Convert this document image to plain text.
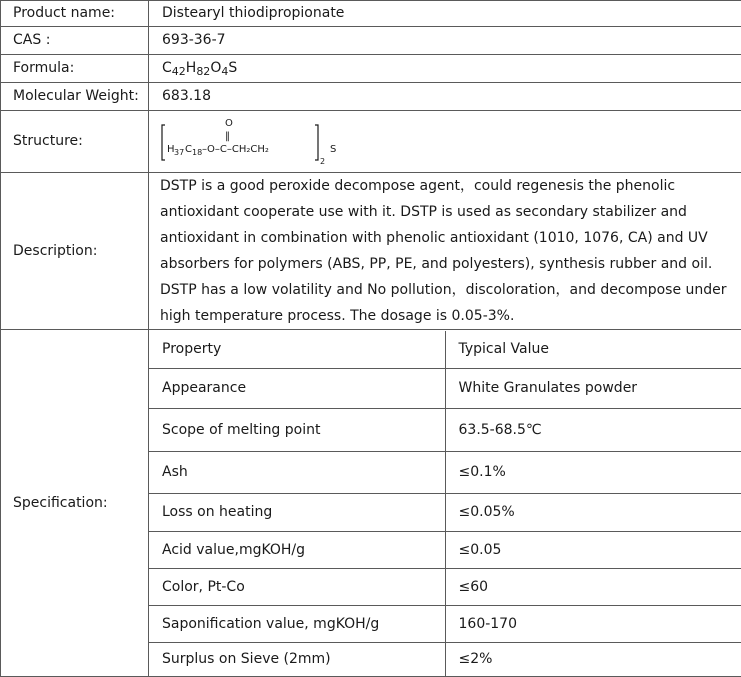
Product name:	Distearyl thiodipropionate
CAS :	693-36-7
Formula:	$C_{42}H_{82}O_4S$
Molecular Weight:	683.18
Structure:	H 37 C 18 –O–C–CH₂CH₂
O
‖
2
S

Description:	DSTP is a good peroxide decompose agent，could regenesis the phenolic antioxidant cooperate use with it. DSTP is used as secondary stabilizer and antioxidant in combination with phenolic antioxidant (1010, 1076, CA) and UV absorbers for polymers (ABS, PP, PE, and polyesters), synthesis rubber and oil. DSTP has a low volatility and No pollution，discoloration，and decompose under high temperature process. The dosage is 0.05-3%.
Specification:	
Property	Typical Value
Appearance	White Granulates powder
Scope of melting point	63.5-68.5℃
Ash	≤0.1%
Loss on heating	≤0.05%
Acid value,mgKOH/g	≤0.05
Color, Pt-Co	≤60
Saponification value, mgKOH/g	160-170
Surplus on Sieve (2mm)	≤2%
